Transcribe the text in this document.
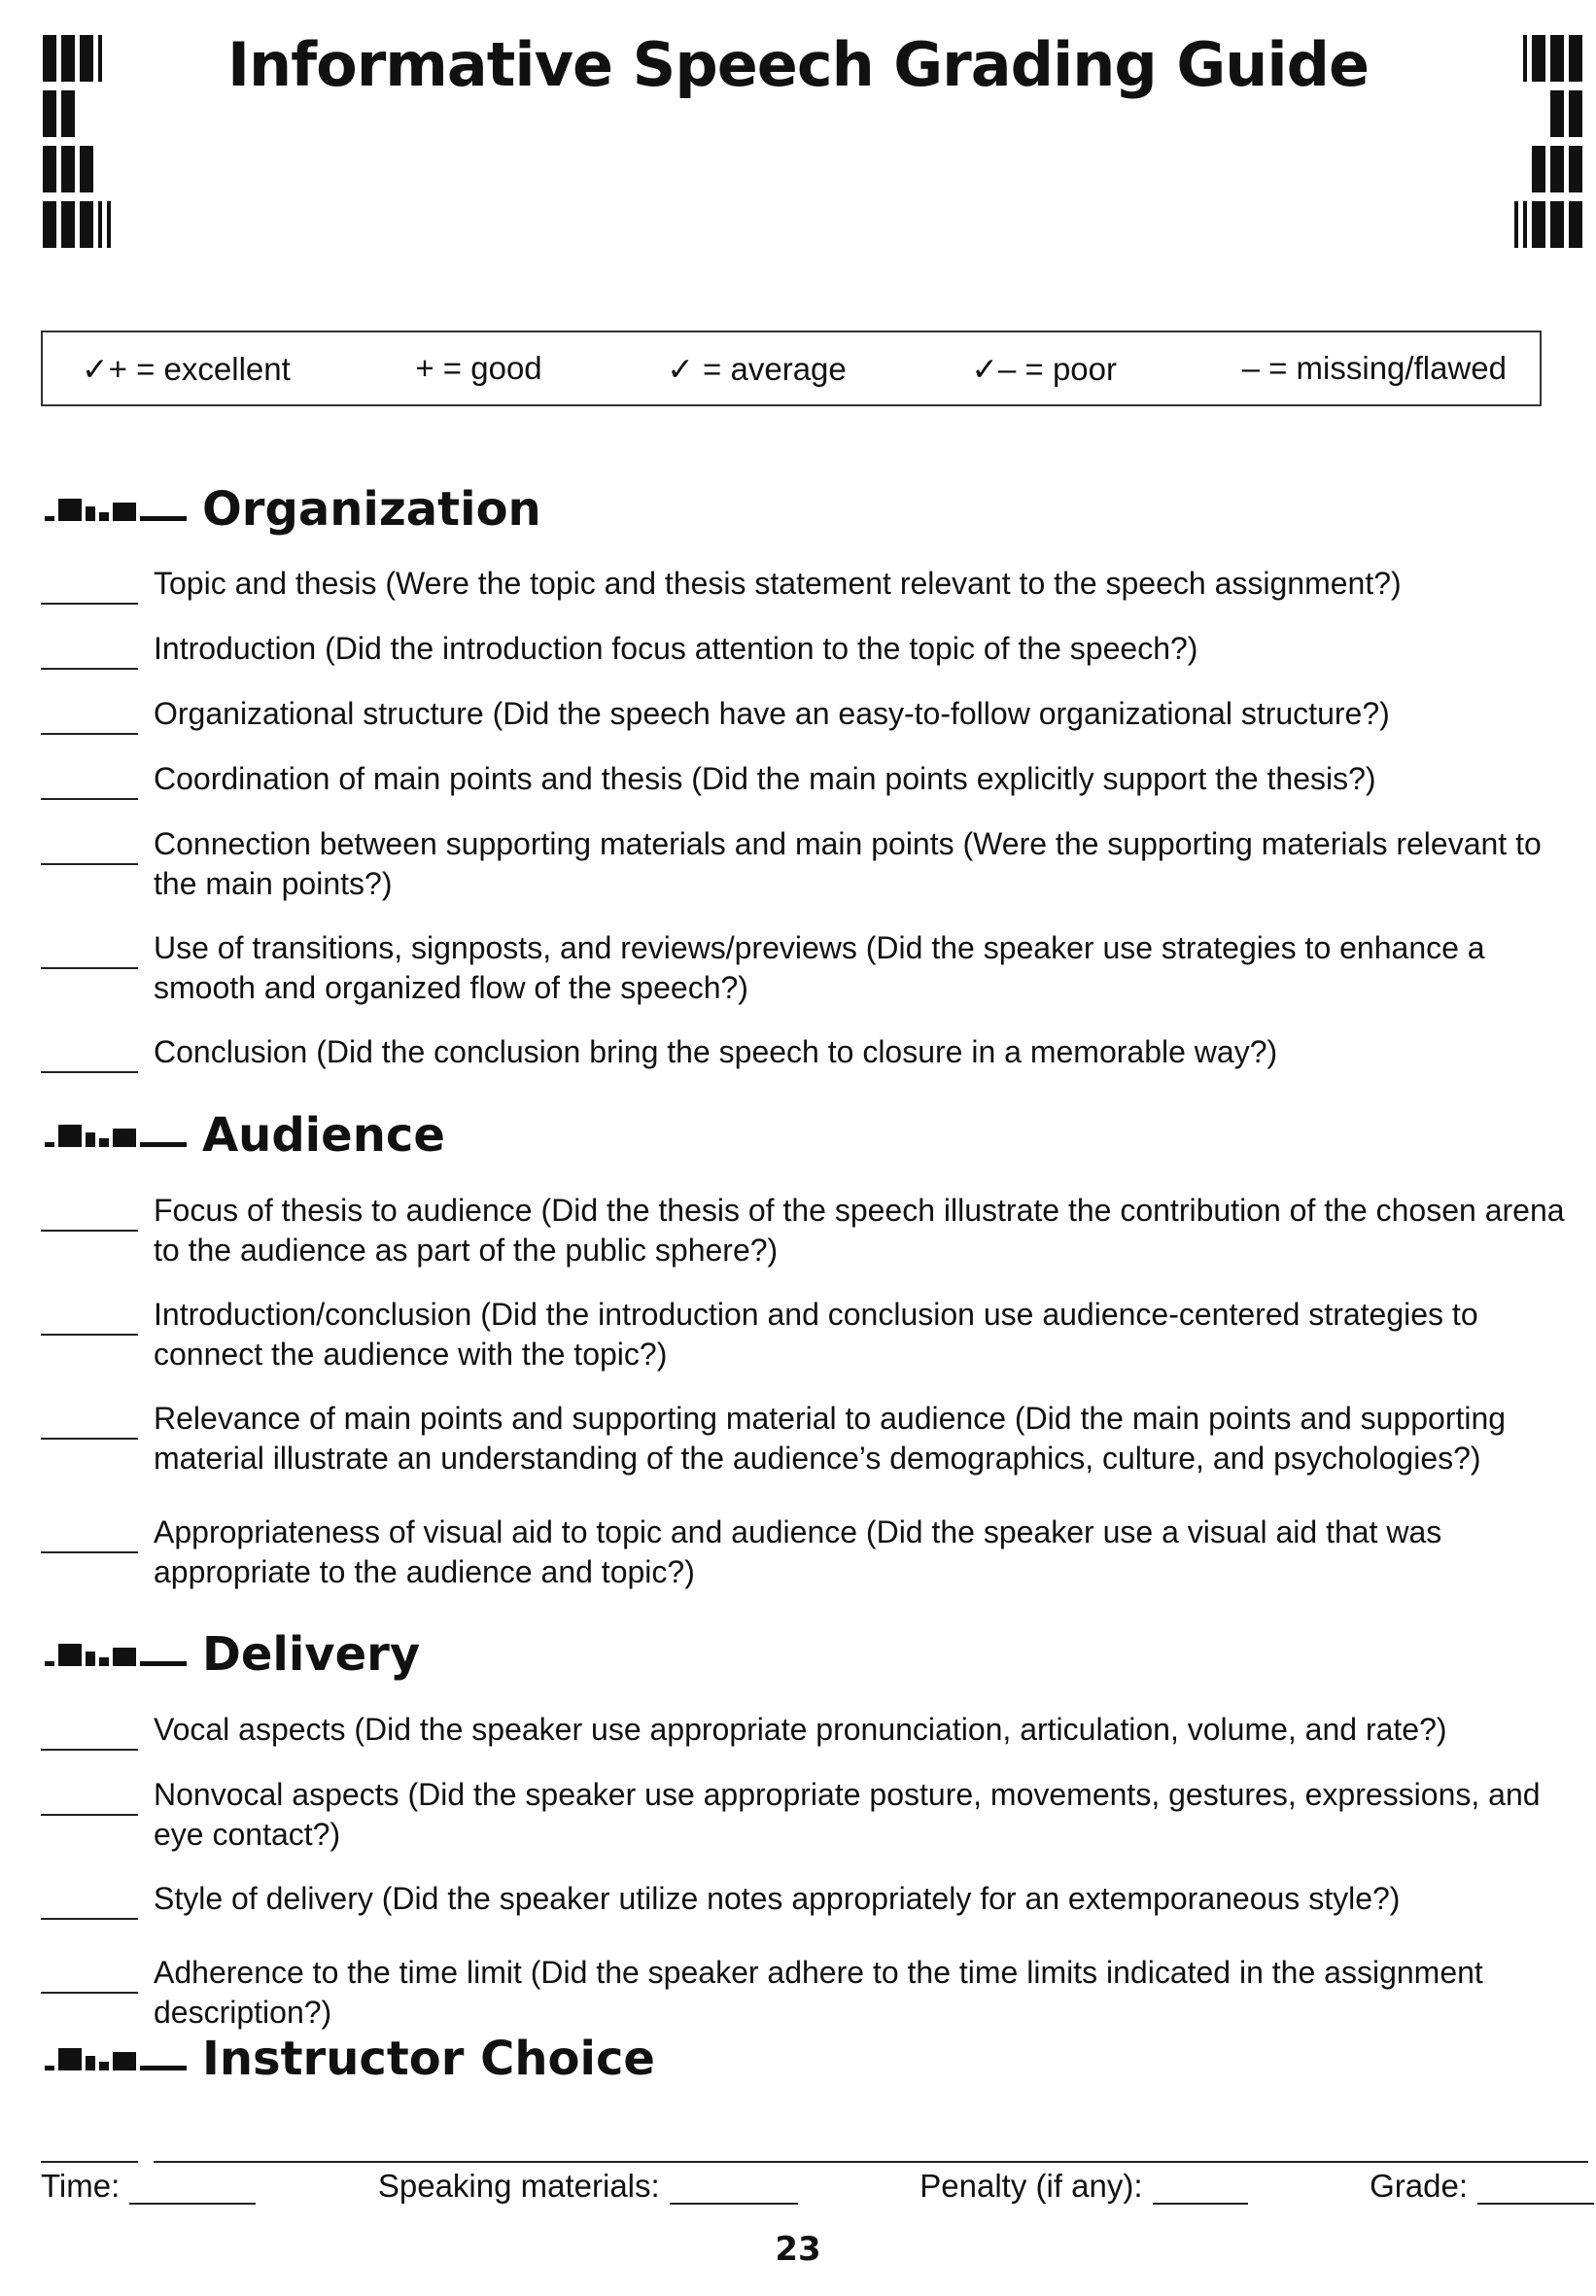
Informative Speech Grading Guide
✓+ = excellent	+ = good	✓ = average	✓– = poor	– = missing/flawed
Organization
Topic and thesis (Were the topic and thesis statement relevant to the speech assignment?)
Introduction (Did the introduction focus attention to the topic of the speech?)
Organizational structure (Did the speech have an easy-to-follow organizational structure?)
Coordination of main points and thesis (Did the main points explicitly support the thesis?)
Connection between supporting materials and main points (Were the supporting materials relevant to the main points?)
Use of transitions, signposts, and reviews/previews (Did the speaker use strategies to enhance a smooth and organized flow of the speech?)
Conclusion (Did the conclusion bring the speech to closure in a memorable way?)
Audience
Focus of thesis to audience (Did the thesis of the speech illustrate the contribution of the chosen arena to the audience as part of the public sphere?)
Introduction/conclusion (Did the introduction and conclusion use audience-centered strategies to connect the audience with the topic?)
Relevance of main points and supporting material to audience (Did the main points and supporting material illustrate an understanding of the audience’s demographics, culture, and psychologies?)
Appropriateness of visual aid to topic and audience (Did the speaker use a visual aid that was appropriate to the audience and topic?)
Delivery
Vocal aspects (Did the speaker use appropriate pronunciation, articulation, volume, and rate?)
Nonvocal aspects (Did the speaker use appropriate posture, movements, gestures, expressions, and eye contact?)
Style of delivery (Did the speaker utilize notes appropriately for an extemporaneous style?)
Adherence to the time limit (Did the speaker adhere to the time limits indicated in the assignment description?)
Instructor Choice
Time:	Speaking materials:	Penalty (if any):	Grade:
23
